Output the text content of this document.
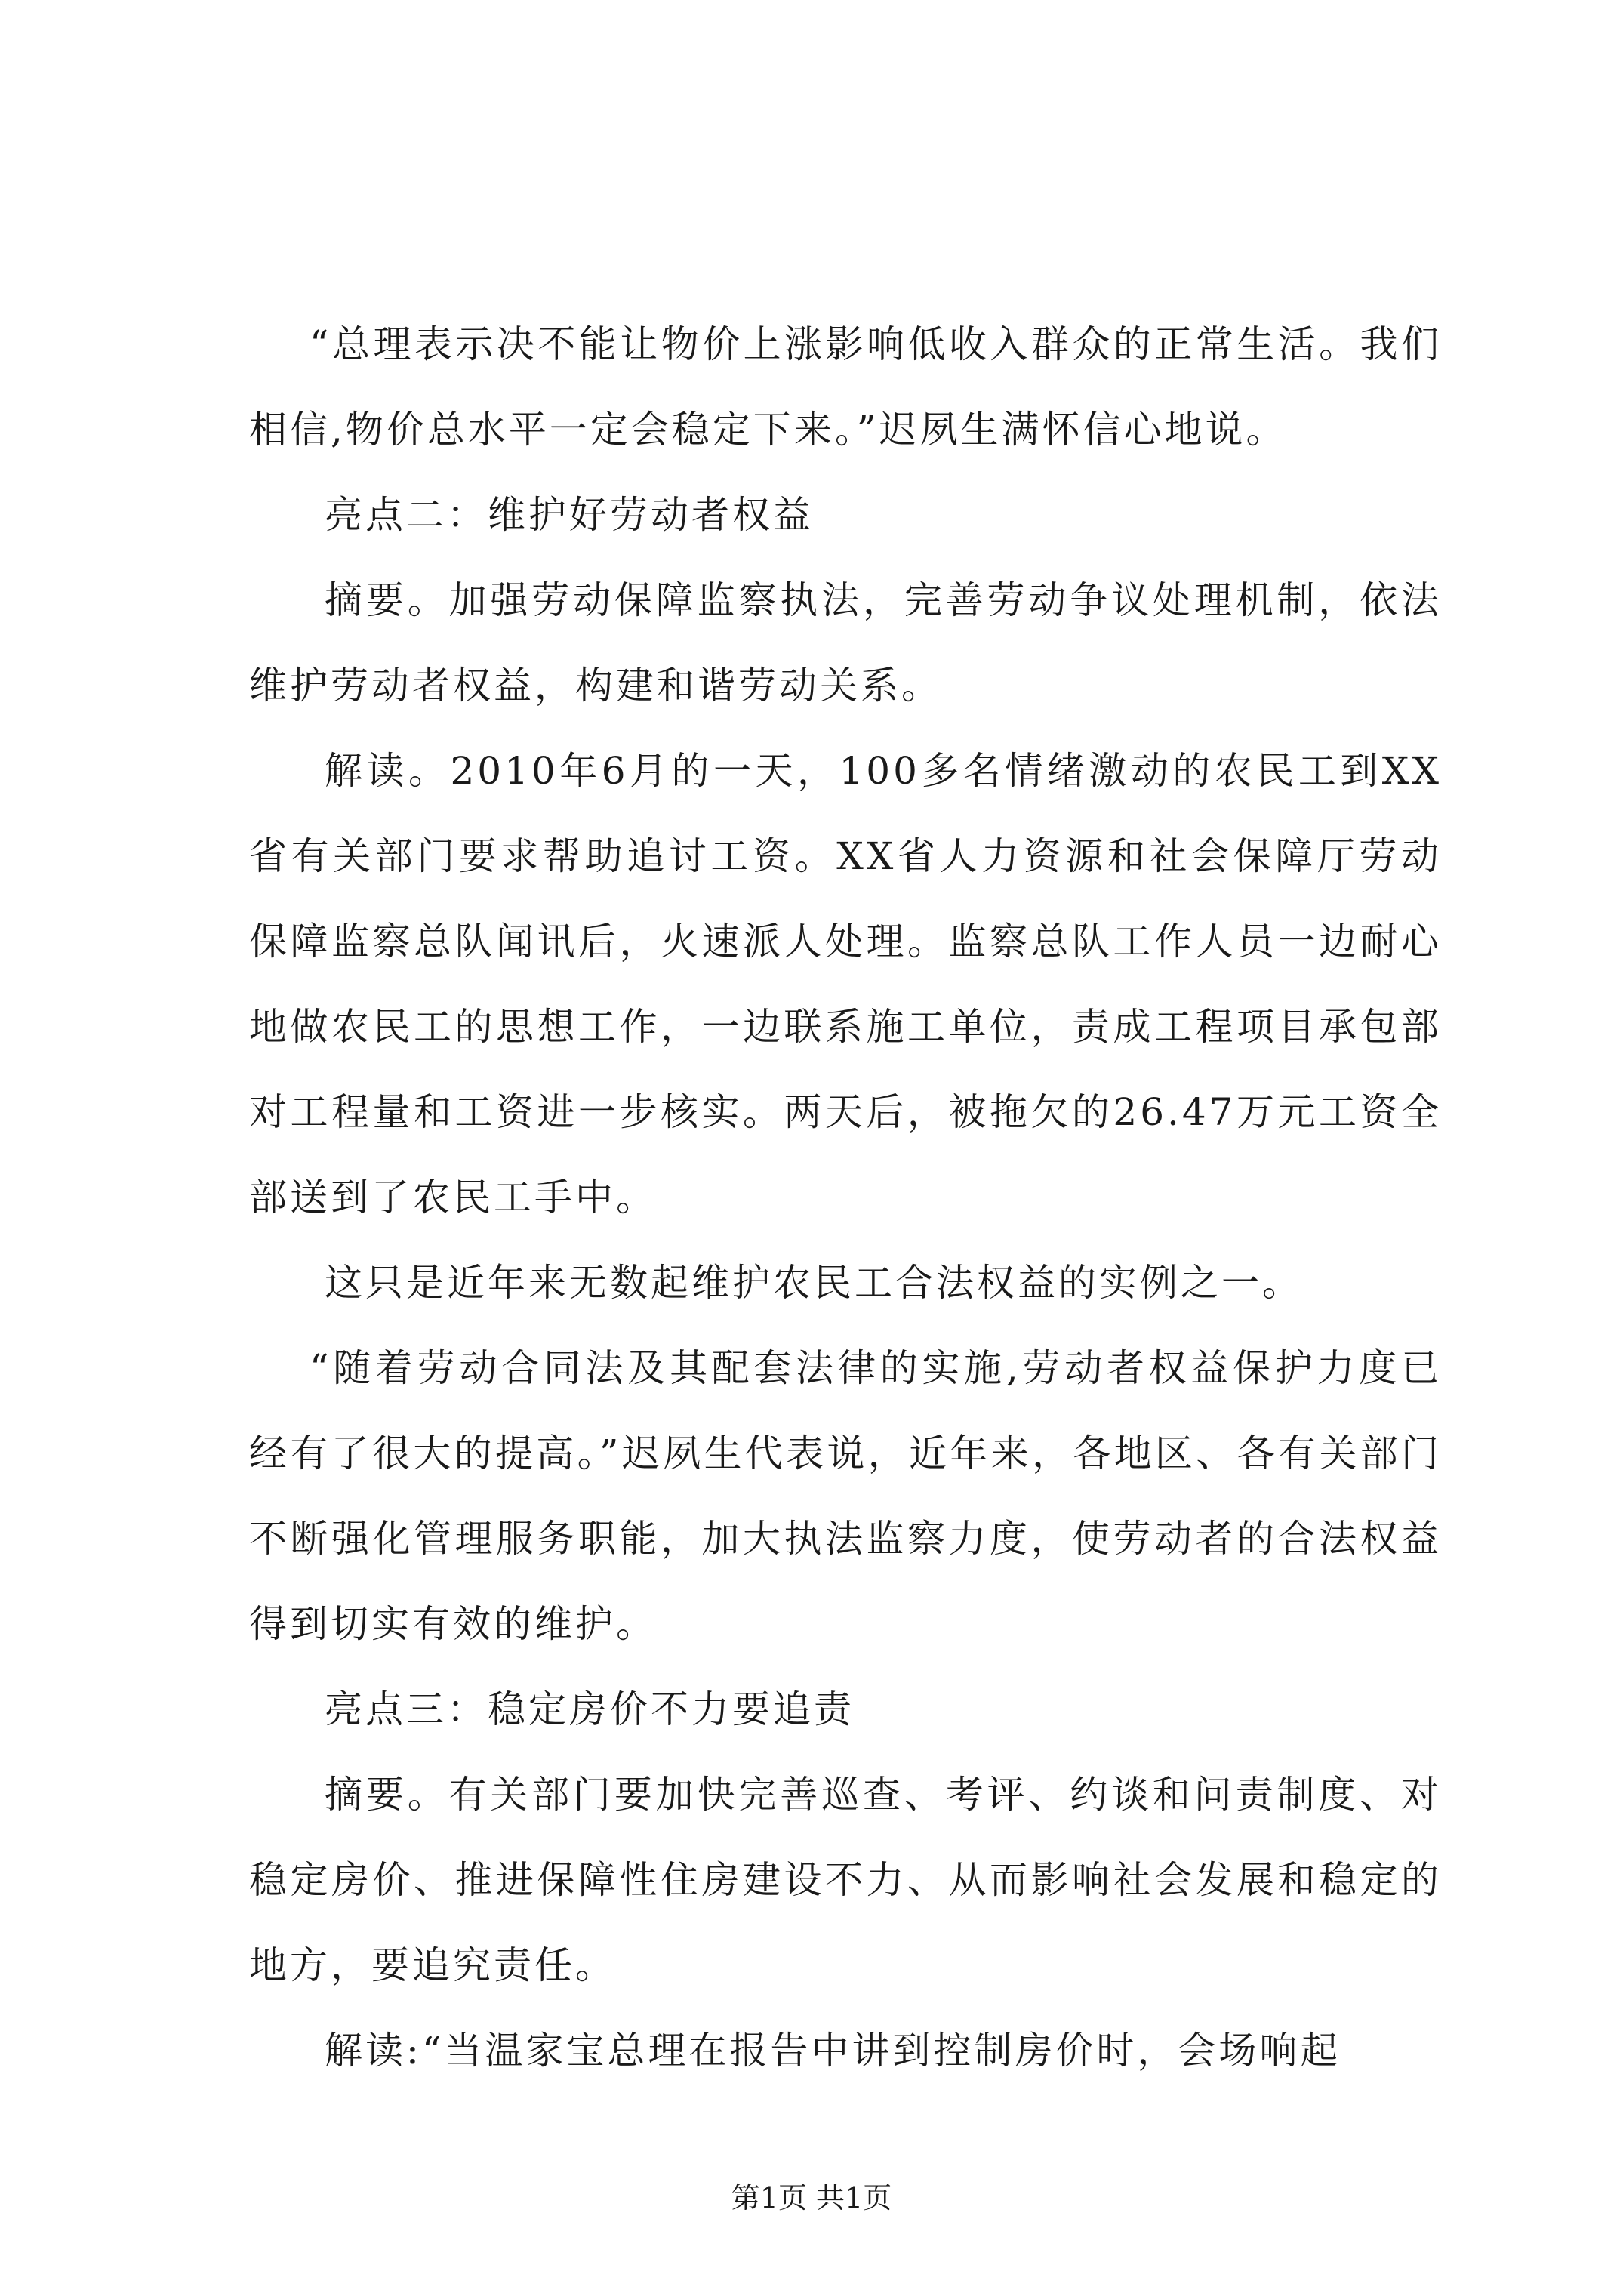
“总理表示决不能让物价上涨影响低收入群众的正常生活。我们相信,物价总水平一定会稳定下来。”迟夙生满怀信心地说。

亮点二：维护好劳动者权益

摘要。加强劳动保障监察执法，完善劳动争议处理机制，依法维护劳动者权益，构建和谐劳动关系。

解读。2010年6月的一天，100多名情绪激动的农民工到XX省有关部门要求帮助追讨工资。XX省人力资源和社会保障厅劳动保障监察总队闻讯后，火速派人处理。监察总队工作人员一边耐心地做农民工的思想工作，一边联系施工单位，责成工程项目承包部对工程量和工资进一步核实。两天后，被拖欠的26.47万元工资全部送到了农民工手中。

这只是近年来无数起维护农民工合法权益的实例之一。

“随着劳动合同法及其配套法律的实施,劳动者权益保护力度已经有了很大的提高。”迟夙生代表说，近年来，各地区、各有关部门不断强化管理服务职能，加大执法监察力度，使劳动者的合法权益得到切实有效的维护。

亮点三：稳定房价不力要追责

摘要。有关部门要加快完善巡查、考评、约谈和问责制度、对稳定房价、推进保障性住房建设不力、从而影响社会发展和稳定的地方，要追究责任。

解读:“当温家宝总理在报告中讲到控制房价时，会场响起

第1页 共1页
